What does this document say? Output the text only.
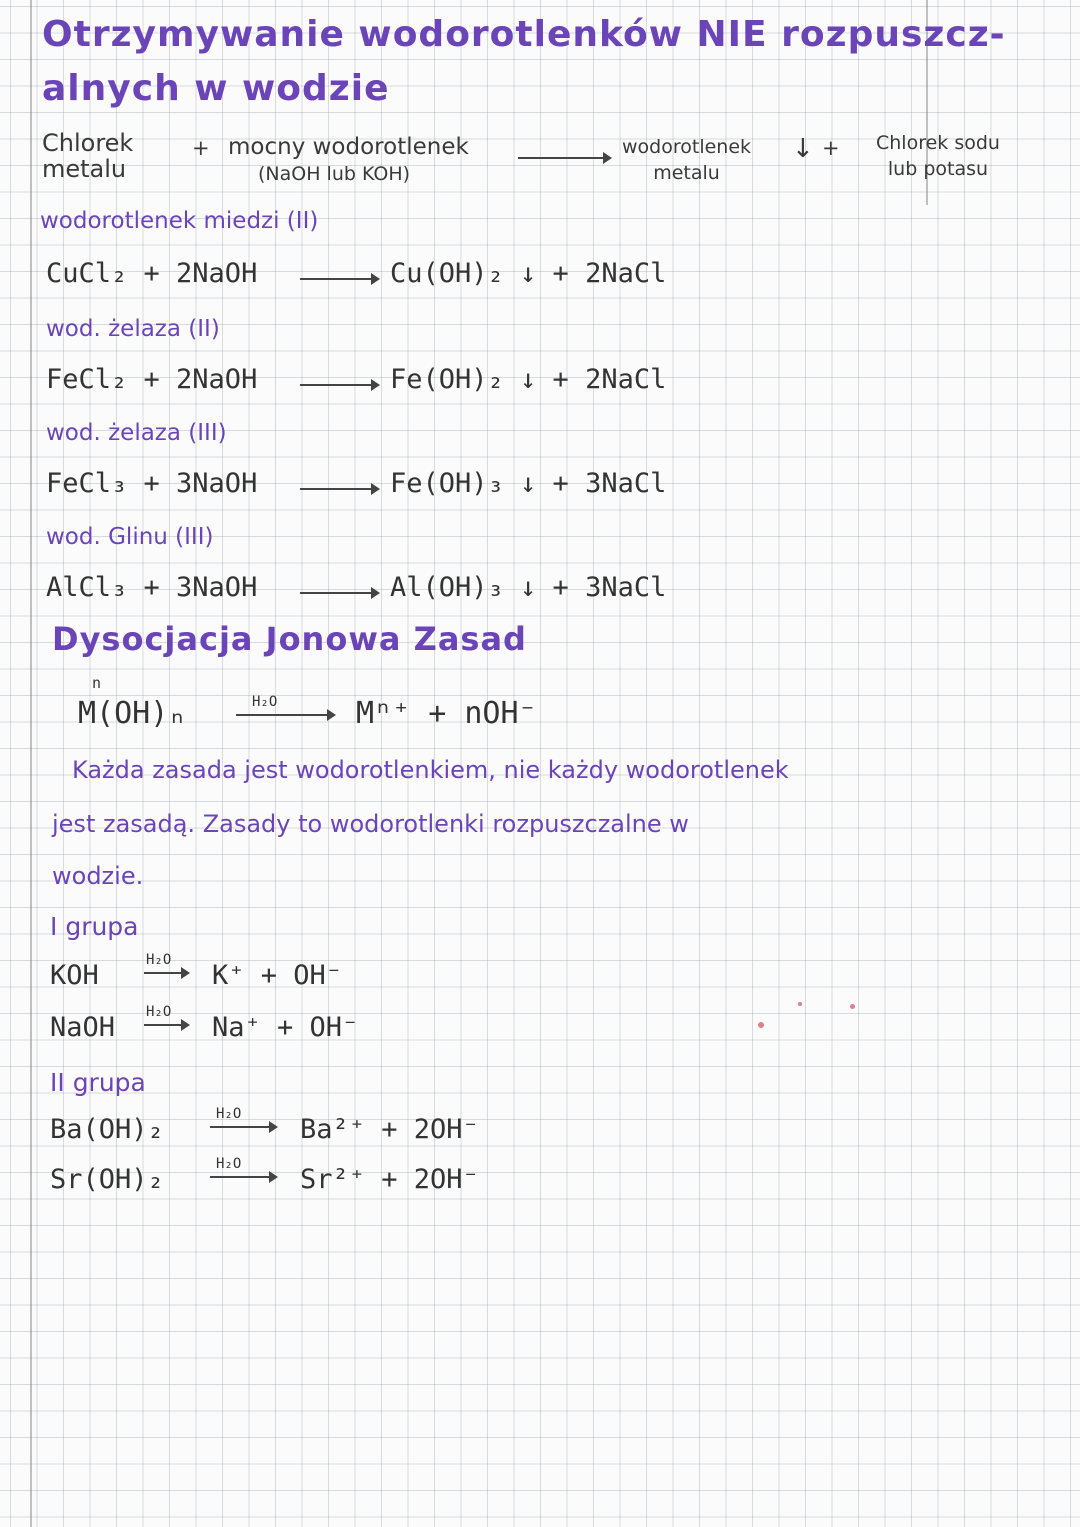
Otrzymywanie wodorotlenków NIE rozpuszcz-
alnych w wodzie
Chlorek
metalu
+ mocny wodorotlenek
(NaOH lub KOH)
wodorotlenek
metalu
↓ + Chlorek sodu
lub potasu
wodorotlenek miedzi (II)
CuCl₂ + 2NaOH	Cu(OH)₂ ↓ + 2NaCl
wod. żelaza (II)
FeCl₂ + 2NaOH	Fe(OH)₂ ↓ + 2NaCl
wod. żelaza (III)
FeCl₃ + 3NaOH	Fe(OH)₃ ↓ + 3NaCl
wod. Glinu (III)
AlCl₃ + 3NaOH	Al(OH)₃ ↓ + 3NaCl
Dysocjacja Jonowa Zasad
M(OH)ₙ
n
H₂O	Mⁿ⁺ + nOH⁻
Każda zasada jest wodorotlenkiem, nie każdy wodorotlenek
jest zasadą. Zasady to wodorotlenki rozpuszczalne w
wodzie.
I grupa
KOH	H₂O K⁺ + OH⁻
NaOH H₂O Na⁺ + OH⁻
II grupa
Ba(OH)₂	H₂O Ba²⁺ + 2OH⁻
Sr(OH)₂	H₂O Sr²⁺ + 2OH⁻
